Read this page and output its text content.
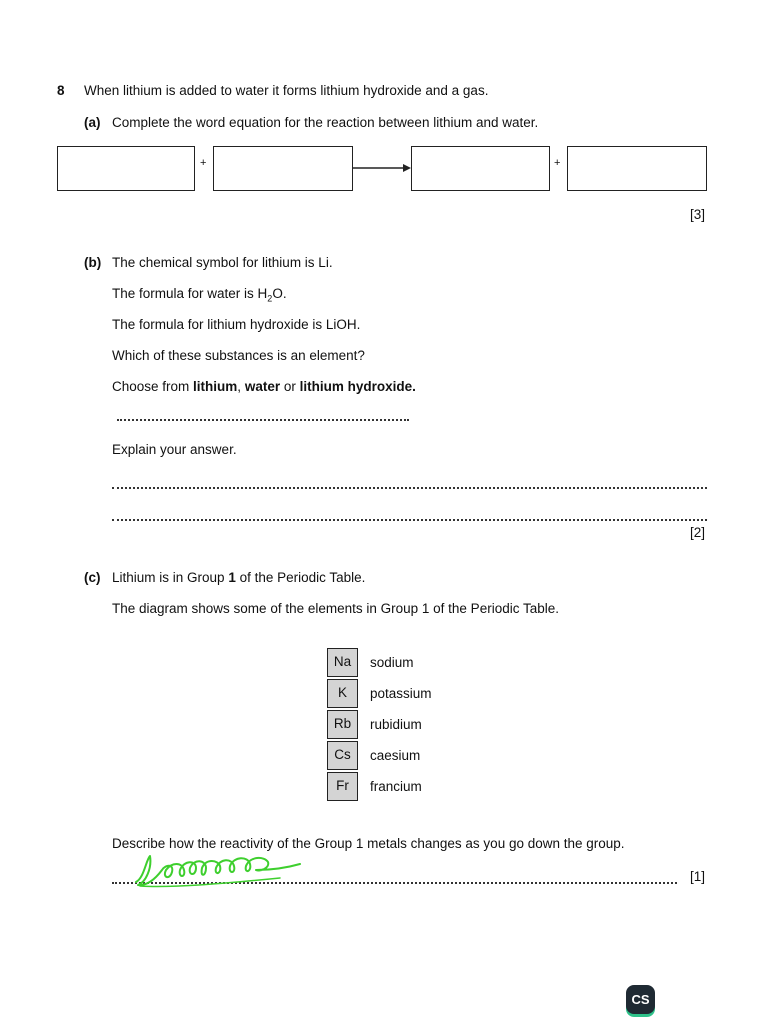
8 When lithium is added to water it forms lithium hydroxide and a gas.
(a) Complete the word equation for the reaction between lithium and water.
+	+
[3]
(b) The chemical symbol for lithium is Li.
The formula for water is $H_2O$.
The formula for lithium hydroxide is LiOH.
Which of these substances is an element?
Choose from lithium, water or lithium hydroxide.
Explain your answer.
[2]
(c) Lithium is in Group 1 of the Periodic Table.
The diagram shows some of the elements in Group 1 of the Periodic Table.
Na	sodium
K	potassium
Rb	rubidium
Cs	caesium
Fr	francium
Describe how the reactivity of the Group 1 metals changes as you go down the group.
[1]
CS
